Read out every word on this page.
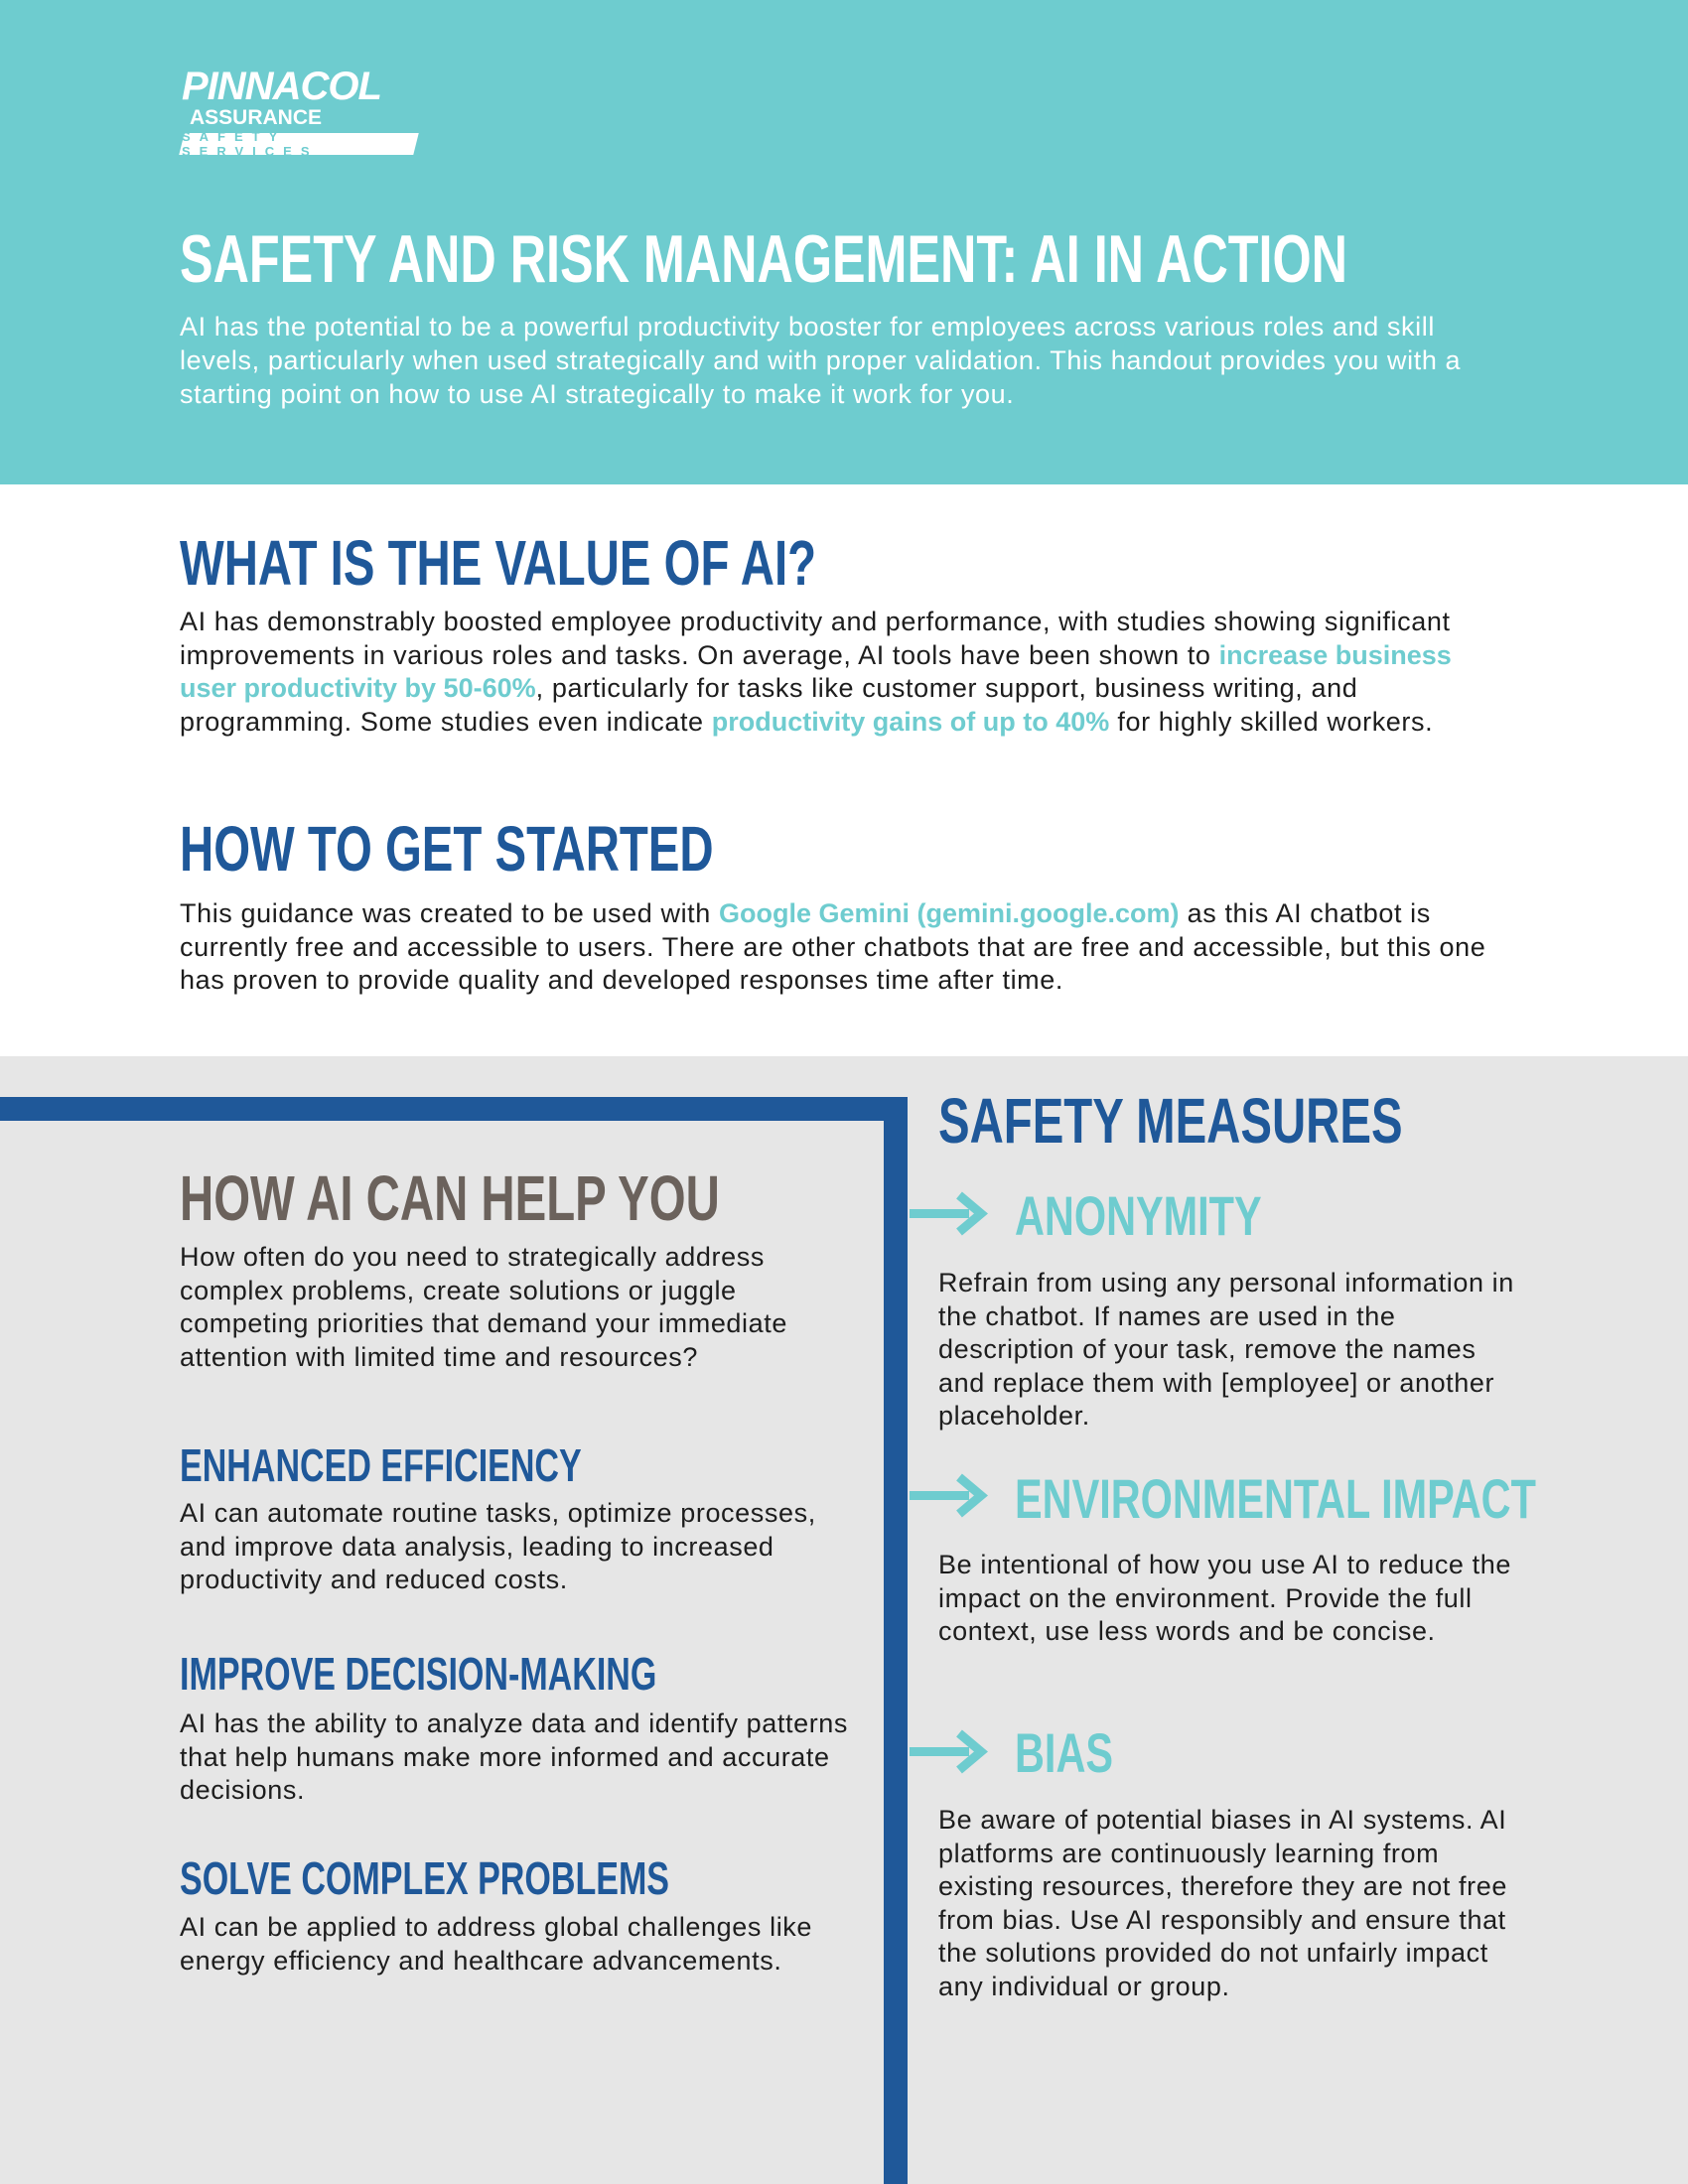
PINNACOL
ASSURANCE
SAFETY SERVICES
SAFETY AND RISK MANAGEMENT: AI IN ACTION

AI has the potential to be a powerful productivity booster for employees across various roles and skill levels, particularly when used strategically and with proper validation. This handout provides you with a starting point on how to use AI strategically to make it work for you.

WHAT IS THE VALUE OF AI?

AI has demonstrably boosted employee productivity and performance, with studies showing significant improvements in various roles and tasks. On average, AI tools have been shown to increase business user productivity by 50-60%, particularly for tasks like customer support, business writing, and programming. Some studies even indicate productivity gains of up to 40% for highly skilled workers.

HOW TO GET STARTED

This guidance was created to be used with Google Gemini (gemini.google.com) as this AI chatbot is currently free and accessible to users. There are other chatbots that are free and accessible, but this one has proven to provide quality and developed responses time after time.

HOW AI CAN HELP YOU

How often do you need to strategically address complex problems, create solutions or juggle competing priorities that demand your immediate attention with limited time and resources?

ENHANCED EFFICIENCY

AI can automate routine tasks, optimize processes, and improve data analysis, leading to increased productivity and reduced costs.

IMPROVE DECISION-MAKING

AI has the ability to analyze data and identify patterns that help humans make more informed and accurate decisions.

SOLVE COMPLEX PROBLEMS

AI can be applied to address global challenges like energy efficiency and healthcare advancements.

SAFETY MEASURES
ANONYMITY

Refrain from using any personal information in the chatbot. If names are used in the description of your task, remove the names and replace them with [employee] or another placeholder.

ENVIRONMENTAL IMPACT

Be intentional of how you use AI to reduce the impact on the environment. Provide the full context, use less words and be concise.

BIAS

Be aware of potential biases in AI systems. AI platforms are continuously learning from existing resources, therefore they are not free from bias. Use AI responsibly and ensure that the solutions provided do not unfairly impact any individual or group.
